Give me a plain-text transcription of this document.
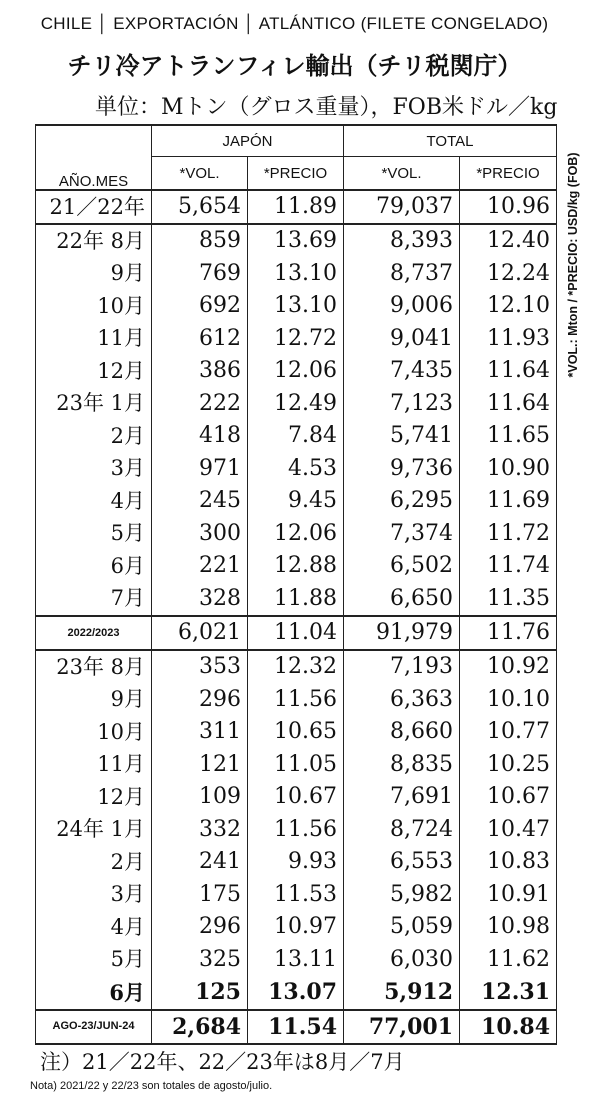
CHILE │ EXPORTACIÓN │ ATLÁNTICO (FILETE CONGELADO)
チリ冷アトランフィレ輸出（チリ税関庁）
単位：Mトン（グロス重量），FOB米ドル／kg
*VOL.: Mton / *PRECIO: USD/kg (FOB)
AÑO.MES	JAPÓN		TOTAL	
	*VOL.	*PRECIO	*VOL.	*PRECIO
21／22年	5,654	11.89	79,037	10.96
22年 8月	859	13.69	8,393	12.40
9月	769	13.10	8,737	12.24
10月	692	13.10	9,006	12.10
11月	612	12.72	9,041	11.93
12月	386	12.06	7,435	11.64
23年 1月	222	12.49	7,123	11.64
2月	418	7.84	5,741	11.65
3月	971	4.53	9,736	10.90
4月	245	9.45	6,295	11.69
5月	300	12.06	7,374	11.72
6月	221	12.88	6,502	11.74
7月	328	11.88	6,650	11.35
2022/2023	6,021	11.04	91,979	11.76
23年 8月	353	12.32	7,193	10.92
9月	296	11.56	6,363	10.10
10月	311	10.65	8,660	10.77
11月	121	11.05	8,835	10.25
12月	109	10.67	7,691	10.67
24年 1月	332	11.56	8,724	10.47
2月	241	9.93	6,553	10.83
3月	175	11.53	5,982	10.91
4月	296	10.97	5,059	10.98
5月	325	13.11	6,030	11.62
6月	125	13.07	5,912	12.31
AGO-23/JUN-24	2,684	11.54	77,001	10.84
注）21／22年、22／23年は8月／7月
Nota) 2021/22 y 22/23 son totales de agosto/julio.
